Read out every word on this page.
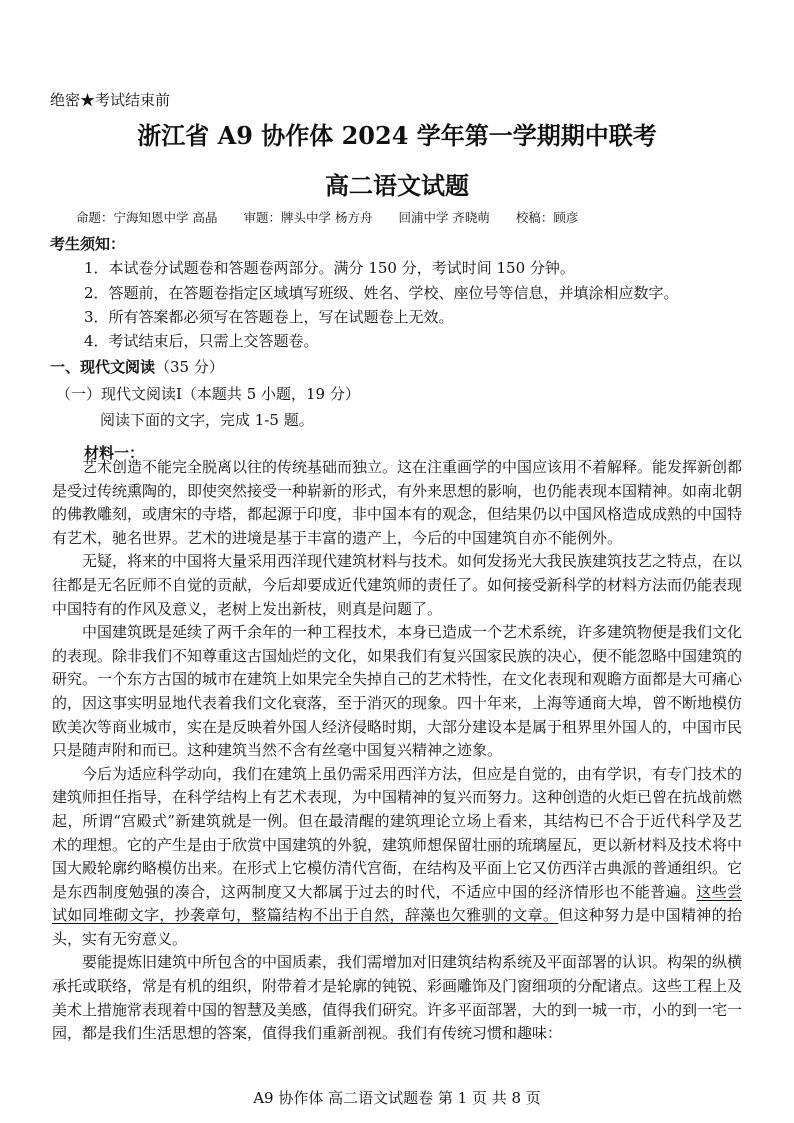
绝密★考试结束前
浙江省 A9 协作体 2024 学年第一学期期中联考
高二语文试题
命题：宁海知恩中学 高晶 审题：牌头中学 杨方舟 回浦中学 齐晓萌 校稿：顾彦
考生须知：
1．本试卷分试题卷和答题卷两部分。满分 150 分，考试时间 150 分钟。
2．答题前，在答题卷指定区域填写班级、姓名、学校、座位号等信息，并填涂相应数字。
3．所有答案都必须写在答题卷上，写在试题卷上无效。
4．考试结束后，只需上交答题卷。
一、现代文阅读（35 分）
（一）现代文阅读Ⅰ（本题共 5 小题，19 分）
阅读下面的文字，完成 1-5 题。
材料一：

艺术创造不能完全脱离以往的传统基础而独立。这在注重画学的中国应该用不着解释。能发挥新创都是受过传统熏陶的，即使突然接受一种崭新的形式，有外来思想的影响，也仍能表现本国精神。如南北朝的佛教雕刻，或唐宋的寺塔，都起源于印度，非中国本有的观念，但结果仍以中国风格造成成熟的中国特有艺术，驰名世界。艺术的进境是基于丰富的遗产上，今后的中国建筑自亦不能例外。

无疑，将来的中国将大量采用西洋现代建筑材料与技术。如何发扬光大我民族建筑技艺之特点，在以往都是无名匠师不自觉的贡献，今后却要成近代建筑师的责任了。如何接受新科学的材料方法而仍能表现中国特有的作风及意义，老树上发出新枝，则真是问题了。

中国建筑既是延续了两千余年的一种工程技术，本身已造成一个艺术系统，许多建筑物便是我们文化的表现。除非我们不知尊重这古国灿烂的文化，如果我们有复兴国家民族的决心，便不能忽略中国建筑的研究。一个东方古国的城市在建筑上如果完全失掉自己的艺术特性，在文化表现和观瞻方面都是大可痛心的，因这事实明显地代表着我们文化衰落，至于消灭的现象。四十年来，上海等通商大埠，曾不断地模仿欧美次等商业城市，实在是反映着外国人经济侵略时期，大部分建设本是属于租界里外国人的，中国市民只是随声附和而已。这种建筑当然不含有丝毫中国复兴精神之迹象。

今后为适应科学动向，我们在建筑上虽仍需采用西洋方法，但应是自觉的，由有学识，有专门技术的建筑师担任指导，在科学结构上有艺术表现，为中国精神的复兴而努力。这种创造的火炬已曾在抗战前燃起，所谓“宫殿式”新建筑就是一例。但在最清醒的建筑理论立场上看来，其结构已不合于近代科学及艺术的理想。它的产生是由于欣赏中国建筑的外貌，建筑师想保留壮丽的琉璃屋瓦，更以新材料及技术将中国大殿轮廓约略模仿出来。在形式上它模仿清代宫衙，在结构及平面上它又仿西洋古典派的普通组织。它是东西制度勉强的凑合，这两制度又大都属于过去的时代，不适应中国的经济情形也不能普遍。这些尝试如同堆砌文字，抄袭章句，整篇结构不出于自然，辞藻也欠雅驯的文章。但这种努力是中国精神的抬头，实有无穷意义。

要能提炼旧建筑中所包含的中国质素，我们需增加对旧建筑结构系统及平面部署的认识。构架的纵横承托或联络，常是有机的组织，附带着才是轮廓的钝锐、彩画雕饰及门窗细项的分配诸点。这些工程上及美术上措施常表现着中国的智慧及美感，值得我们研究。许多平面部署，大的到一城一市，小的到一宅一园，都是我们生活思想的答案，值得我们重新剖视。我们有传统习惯和趣味：

A9 协作体 高二语文试题卷 第 1 页 共 8 页
